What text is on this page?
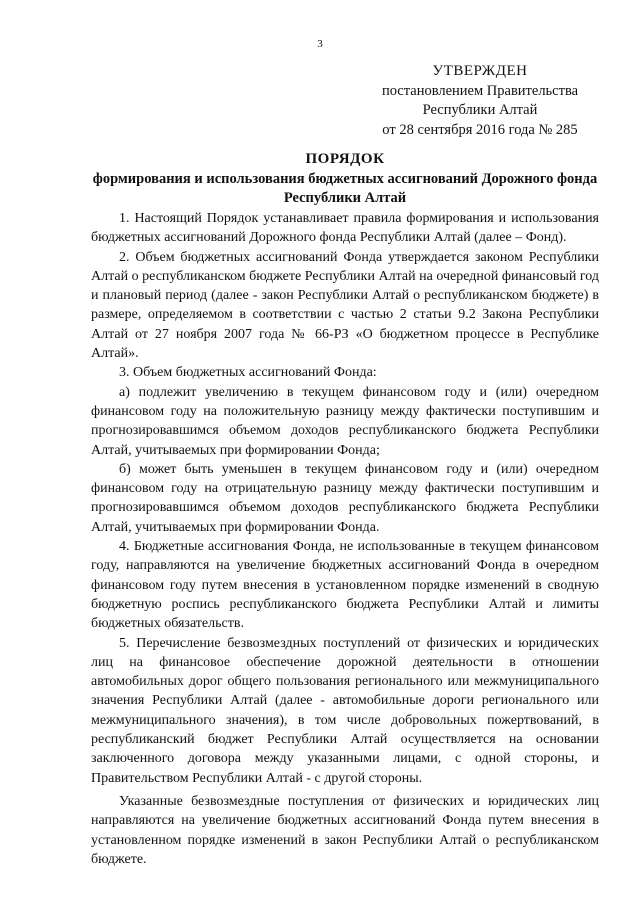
3
УТВЕРЖДЕН
постановлением Правительства
Республики Алтай
от 28 сентября 2016 года № 285
ПОРЯДОК
формирования и использования бюджетных ассигнований Дорожного фонда Республики Алтай

1. Настоящий Порядок устанавливает правила формирования и использования бюджетных ассигнований Дорожного фонда Республики Алтай (далее – Фонд).

2. Объем бюджетных ассигнований Фонда утверждается законом Республики Алтай о республиканском бюджете Республики Алтай на очередной финансовый год и плановый период (далее - закон Республики Алтай о республиканском бюджете) в размере, определяемом в соответствии с частью 2 статьи 9.2 Закона Республики Алтай от 27 ноября 2007 года № 66-РЗ «О бюджетном процессе в Республике Алтай».

3. Объем бюджетных ассигнований Фонда:

а) подлежит увеличению в текущем финансовом году и (или) очередном финансовом году на положительную разницу между фактически поступившим и прогнозировавшимся объемом доходов республиканского бюджета Республики Алтай, учитываемых при формировании Фонда;

б) может быть уменьшен в текущем финансовом году и (или) очередном финансовом году на отрицательную разницу между фактически поступившим и прогнозировавшимся объемом доходов республиканского бюджета Республики Алтай, учитываемых при формировании Фонда.

4. Бюджетные ассигнования Фонда, не использованные в текущем финансовом году, направляются на увеличение бюджетных ассигнований Фонда в очередном финансовом году путем внесения в установленном порядке изменений в сводную бюджетную роспись республиканского бюджета Республики Алтай и лимиты бюджетных обязательств.

5. Перечисление безвозмездных поступлений от физических и юридических лиц на финансовое обеспечение дорожной деятельности в отношении автомобильных дорог общего пользования регионального или межмуниципального значения Республики Алтай (далее - автомобильные дороги регионального или межмуниципального значения), в том числе добровольных пожертвований, в республиканский бюджет Республики Алтай осуществляется на основании заключенного договора между указанными лицами, с одной стороны, и Правительством Республики Алтай - с другой стороны.

Указанные безвозмездные поступления от физических и юридических лиц направляются на увеличение бюджетных ассигнований Фонда путем внесения в установленном порядке изменений в закон Республики Алтай о республиканском бюджете.
